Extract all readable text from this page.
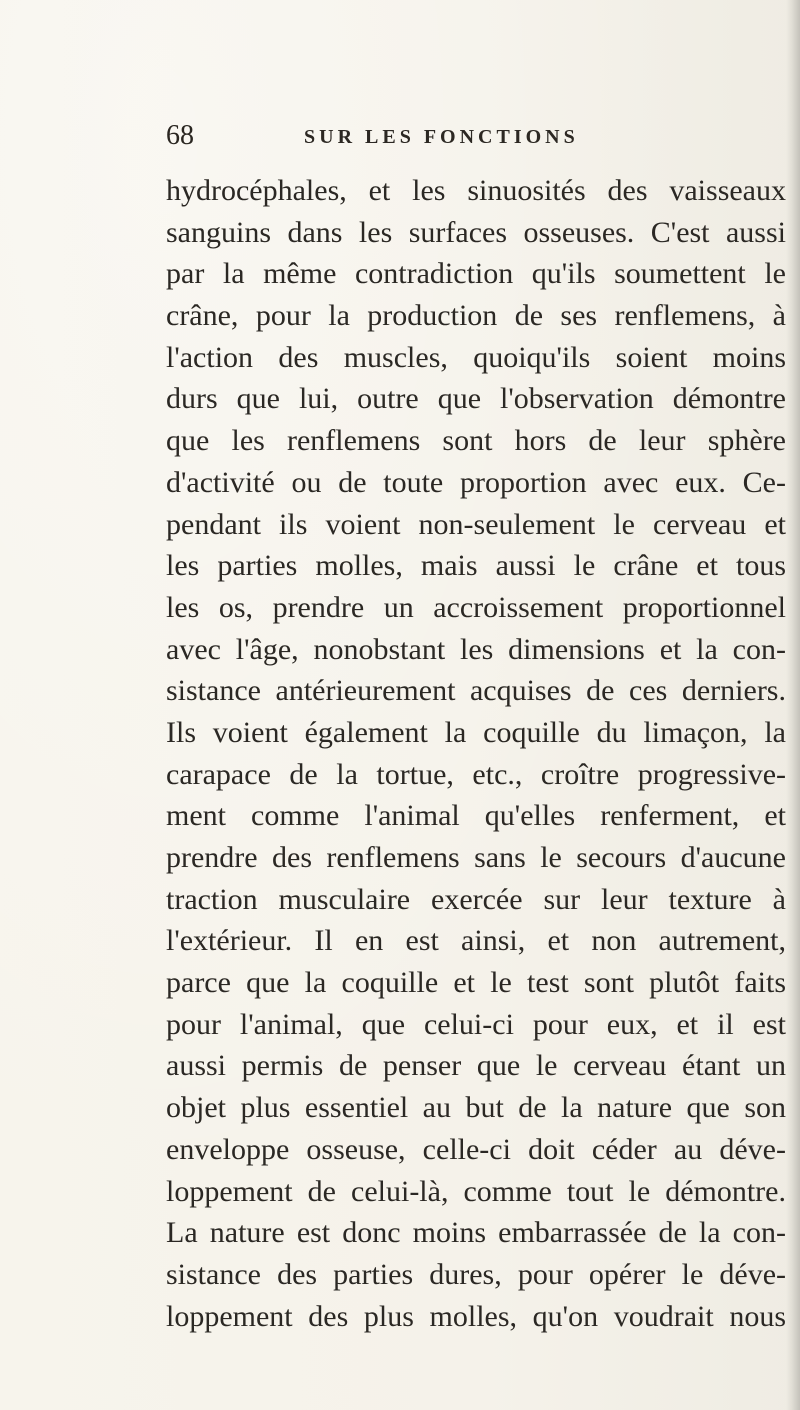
68	SUR LES FONCTIONS
hydrocéphales, et les sinuosités des vaisseaux
sanguins dans les surfaces osseuses. C'est aussi
par la même contradiction qu'ils soumettent le
crâne, pour la production de ses renflemens, à
l'action des muscles, quoiqu'ils soient moins
durs que lui, outre que l'observation démontre
que les renflemens sont hors de leur sphère
d'activité ou de toute proportion avec eux. Ce-
pendant ils voient non-seulement le cerveau et
les parties molles, mais aussi le crâne et tous
les os, prendre un accroissement proportionnel
avec l'âge, nonobstant les dimensions et la con-
sistance antérieurement acquises de ces derniers.
Ils voient également la coquille du limaçon, la
carapace de la tortue, etc., croître progressive-
ment comme l'animal qu'elles renferment, et
prendre des renflemens sans le secours d'aucune
traction musculaire exercée sur leur texture à
l'extérieur. Il en est ainsi, et non autrement,
parce que la coquille et le test sont plutôt faits
pour l'animal, que celui-ci pour eux, et il est
aussi permis de penser que le cerveau étant un
objet plus essentiel au but de la nature que son
enveloppe osseuse, celle-ci doit céder au déve-
loppement de celui-là, comme tout le démontre.
La nature est donc moins embarrassée de la con-
sistance des parties dures, pour opérer le déve-
loppement des plus molles, qu'on voudrait nous
